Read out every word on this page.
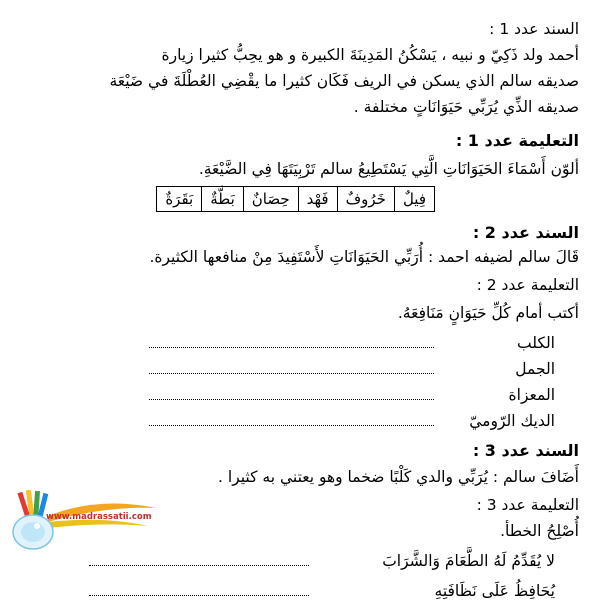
السند عدد 1 :
أحمد ولد ذَكِيّ و نبيه ، يَسْكُنُ المَدِينَةَ الكبيرة و هو يحِبُّ كثيرا زيارة
صديقه سالم الذي يسكن في الريف فَكَان كثيرا ما يقْضِي العُطْلَةَ في ضَيْعَة
صديقه الذِّي يُرَبِّي حَيَوَانَاتٍ مختلفة .
التعليمة عدد 1 :
ألوّن أَسْمَاءَ الحَيَوَانَاتِ الَّتِي يَسْتَطِيعُ سالم تَرْبِيَتَهَا فِي الضَّيْعَةِ.
فِيلٌ
خَرُوفٌ
فَهْد
حِصَانٌ
بَطَّةٌ
بَقَرَةٌ
السند عدد 2 :
قَالَ سالم لضيفه احمد : أُرَبِّي الحَيَوَانَاتِ لأَسْتَفِيدَ مِنْ منافعها الكثيرة.
التعليمة عدد 2 :
أكتب أمام كُلِّ حَيَوَانٍ مَنَافِعَهُ.
الكلب
الجمل
المعزاة
الديك الرّوميّ
السند عدد 3 :
أَضَافَ سالم : يُرَبِّي والدي كَلْبًا ضخما وهو يعتني به كثيرا .
التعليمة عدد 3 :
أُصْلِحُ الخطأ.
لا يُقَدِّمُ لَهُ الطَّعَامَ وَالشَّرَابَ
يُحَافِظُ عَلَى نَظَافَتِهِ
www.madrassatii.com
